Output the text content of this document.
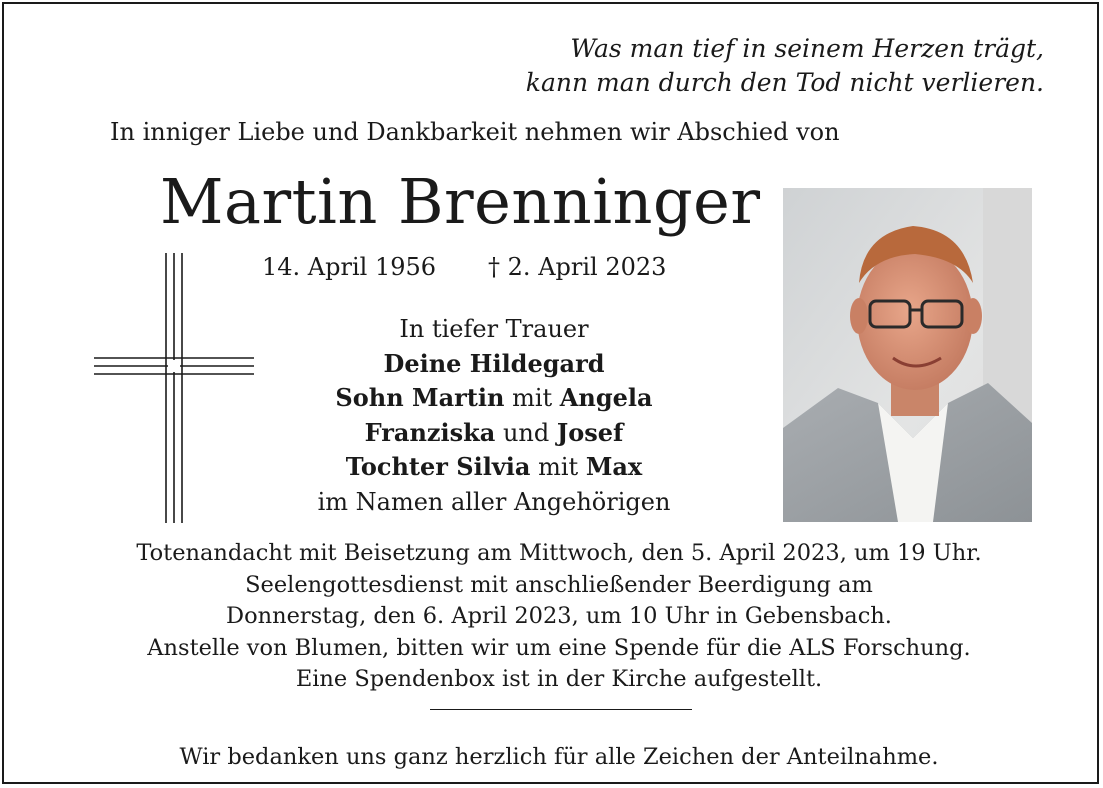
Was man tief in seinem Herzen trägt,
kann man durch den Tod nicht verlieren.
In inniger Liebe und Dankbarkeit nehmen wir Abschied von
Martin Brenninger
14. April 1956 † 2. April 2023
In tiefer Trauer
Deine Hildegard
Sohn Martin mit Angela
Franziska und Josef
Tochter Silvia mit Max
im Namen aller Angehörigen
Totenandacht mit Beisetzung am Mittwoch, den 5. April 2023, um 19 Uhr.
Seelengottesdienst mit anschließender Beerdigung am
Donnerstag, den 6. April 2023, um 10 Uhr in Gebensbach.
Anstelle von Blumen, bitten wir um eine Spende für die ALS Forschung.
Eine Spendenbox ist in der Kirche aufgestellt.
Wir bedanken uns ganz herzlich für alle Zeichen der Anteilnahme.
